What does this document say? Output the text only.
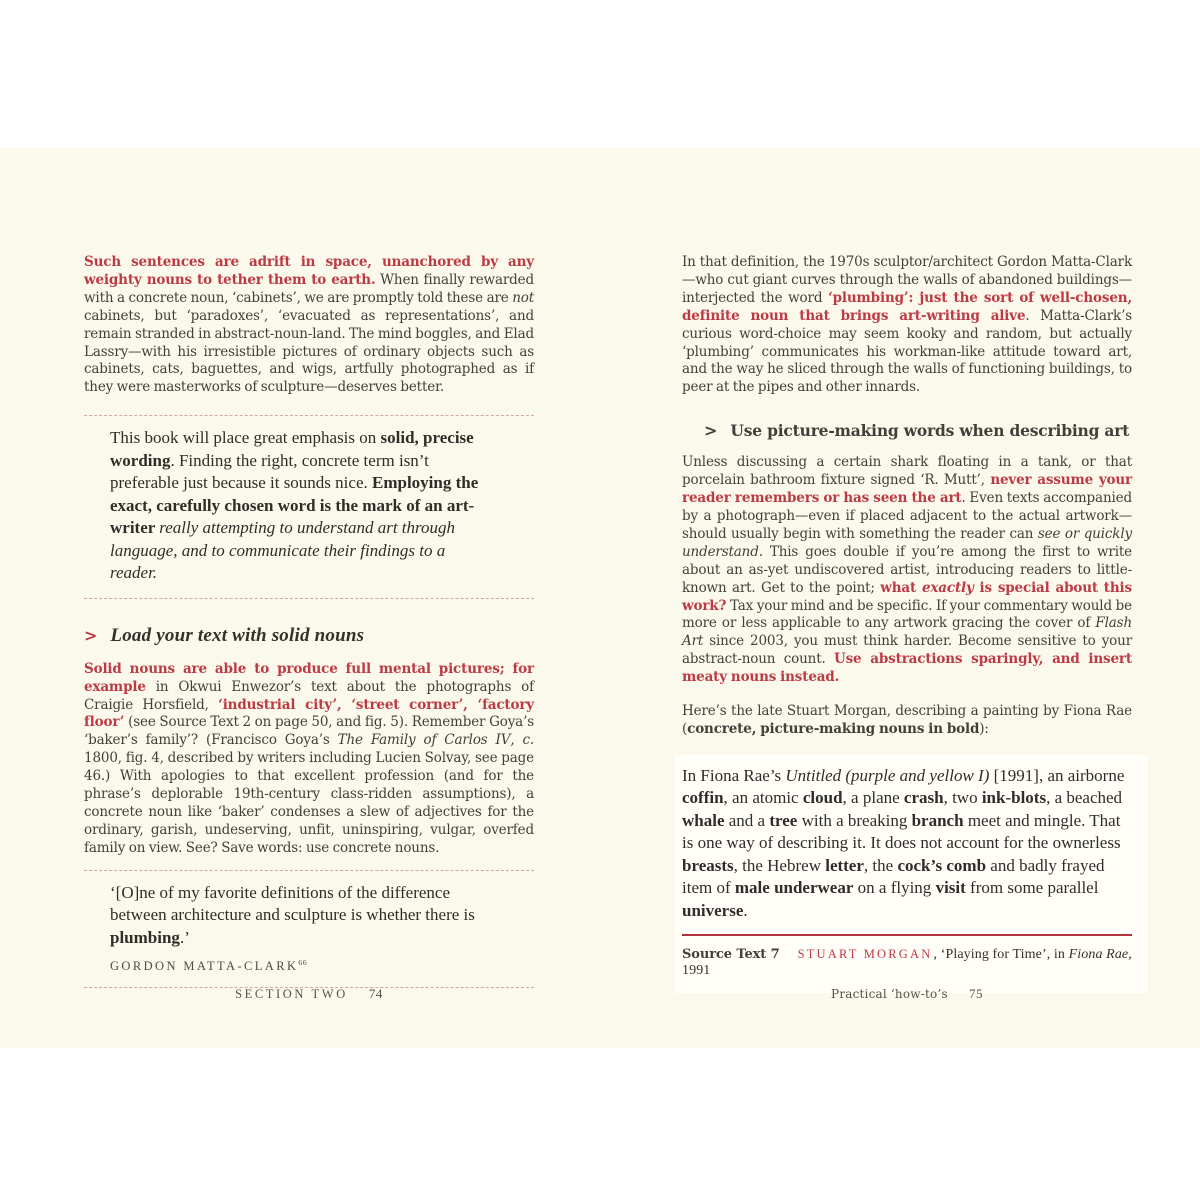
Such sentences are adrift in space, unanchored by any weighty nouns to tether them to earth. When finally rewarded with a concrete noun, ‘cabinets’, we are promptly told these are not cabinets, but ‘paradoxes’, ‘evacuated as representations’, and remain stranded in abstract-noun-land. The mind boggles, and Elad Lassry—with his irresistible pictures of ordinary objects such as cabinets, cats, baguettes, and wigs, artfully photographed as if they were masterworks of sculpture—deserves better.

This book will place great emphasis on solid, precise wording. Finding the right, concrete term isn’t preferable just because it sounds nice. Employing the exact, carefully chosen word is the mark of an art-writer really attempting to understand art through language, and to communicate their findings to a reader.

> Load your text with solid nouns

Solid nouns are able to produce full mental pictures; for example in Okwui Enwezor’s text about the photographs of Craigie Horsfield, ‘industrial city’, ‘street corner’, ‘factory floor’ (see Source Text 2 on page 50, and fig. 5). Remember Goya’s ‘baker’s family’? (Francisco Goya’s The Family of Carlos IV, c. 1800, fig. 4, described by writers including Lucien Solvay, see page 46.) With apologies to that excellent profession (and for the phrase’s deplorable 19th-century class-ridden assumptions), a concrete noun like ‘baker’ condenses a slew of adjectives for the ordinary, garish, undeserving, unfit, uninspiring, vulgar, overfed family on view. See? Save words: use concrete nouns.

‘[O]ne of my favorite definitions of the difference between architecture and sculpture is whether there is plumbing.’

GORDON MATTA-CLARK$^{66}$

SECTION TWO 74

In that definition, the 1970s sculptor/architect Gordon Matta-Clark—who cut giant curves through the walls of abandoned buildings—interjected the word ‘plumbing’: just the sort of well-chosen, definite noun that brings art-writing alive. Matta-Clark’s curious word-choice may seem kooky and random, but actually ‘plumbing’ communicates his workman-like attitude toward art, and the way he sliced through the walls of functioning buildings, to peer at the pipes and other innards.

> Use picture-making words when describing art

Unless discussing a certain shark floating in a tank, or that porcelain bathroom fixture signed ‘R. Mutt’, never assume your reader remembers or has seen the art. Even texts accompanied by a photograph—even if placed adjacent to the actual artwork—should usually begin with something the reader can see or quickly understand. This goes double if you’re among the first to write about an as-yet undiscovered artist, introducing readers to little-known art. Get to the point; what exactly is special about this work? Tax your mind and be specific. If your commentary would be more or less applicable to any artwork gracing the cover of Flash Art since 2003, you must think harder. Become sensitive to your abstract-noun count. Use abstractions sparingly, and insert meaty nouns instead.

Here’s the late Stuart Morgan, describing a painting by Fiona Rae (concrete, picture-making nouns in bold):

In Fiona Rae’s Untitled (purple and yellow I) [1991], an airborne coffin, an atomic cloud, a plane crash, two ink-blots, a beached whale and a tree with a breaking branch meet and mingle. That is one way of describing it. It does not account for the ownerless breasts, the Hebrew letter, the cock’s comb and badly frayed item of male underwear on a flying visit from some parallel universe.

Source Text 7 STUART MORGAN, ‘Playing for Time’, in Fiona Rae, 1991

Practical ‘how-to’s 75
